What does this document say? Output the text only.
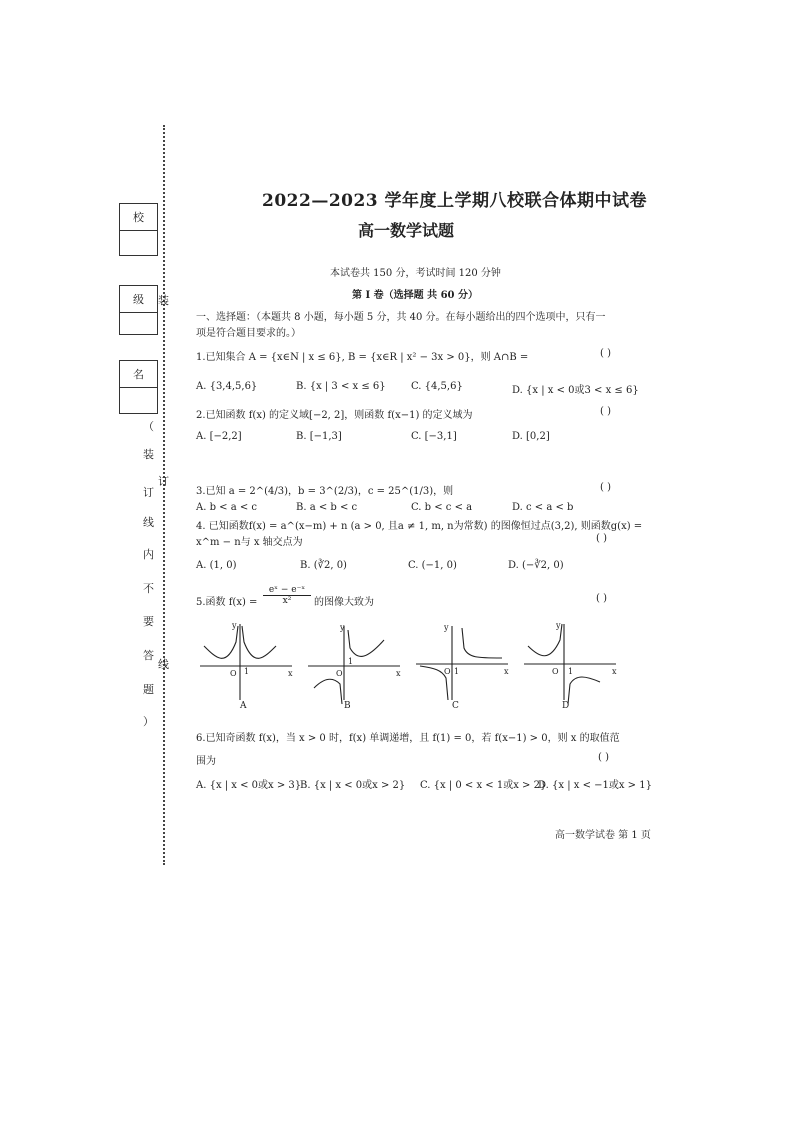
校
级
名
（
装
订
线
内
不
要
答
题
）
装
订
线
2022—2023 学年度上学期八校联合体期中试卷
高一数学试题
本试卷共 150 分，考试时间 120 分钟
第 I 卷（选择题 共 60 分）
一、选择题：（本题共 8 小题，每小题 5 分，共 40 分。在每小题给出的四个选项中，只有一
项是符合题目要求的。）
1.已知集合 A = {x∈N | x ≤ 6}, B = {x∈R | x² − 3x > 0}，则 A∩B =	( )
A. {3,4,5,6}	B. {x | 3 < x ≤ 6}	C. {4,5,6}	D. {x | x < 0或3 < x ≤ 6}
2.已知函数 f(x) 的定义域[−2, 2]，则函数 f(x−1) 的定义域为	( )
A. [−2,2]	B. [−1,3]	C. [−3,1]	D. [0,2]
3.已知 a = 2^(4/3)，b = 3^(2/3)，c = 25^(1/3)，则	( )
A. b < a < c	B. a < b < c	C. b < c < a	D. c < a < b
4. 已知函数f(x) = a^(x−m) + n (a > 0, 且a ≠ 1, m, n为常数) 的图像恒过点(3,2), 则函数g(x) =
x^m − n与 x 轴交点为	( )
A. (1, 0)	B. (∛2, 0)	C. (−1, 0)	D. (−∛2, 0)
5.函数 $f(x) = \frac{\text{eˣ − e⁻ˣ}}{\text{x²}}$ 的图像大致为	( )
y
x
O 1
y
x
O
1
y
x
O 1
y
x
O 1
A	B	C	D
6.已知奇函数 f(x)，当 x > 0 时，f(x) 单调递增，且 f(1) = 0，若 f(x−1) > 0，则 x 的取值范
围为	( )
A. {x | x < 0或x > 3}
B. {x | x < 0或x > 2} C. {x | 0 < x < 1或x > 2}
D. {x | x < −1或x > 1}
高一数学试卷 第 1 页
